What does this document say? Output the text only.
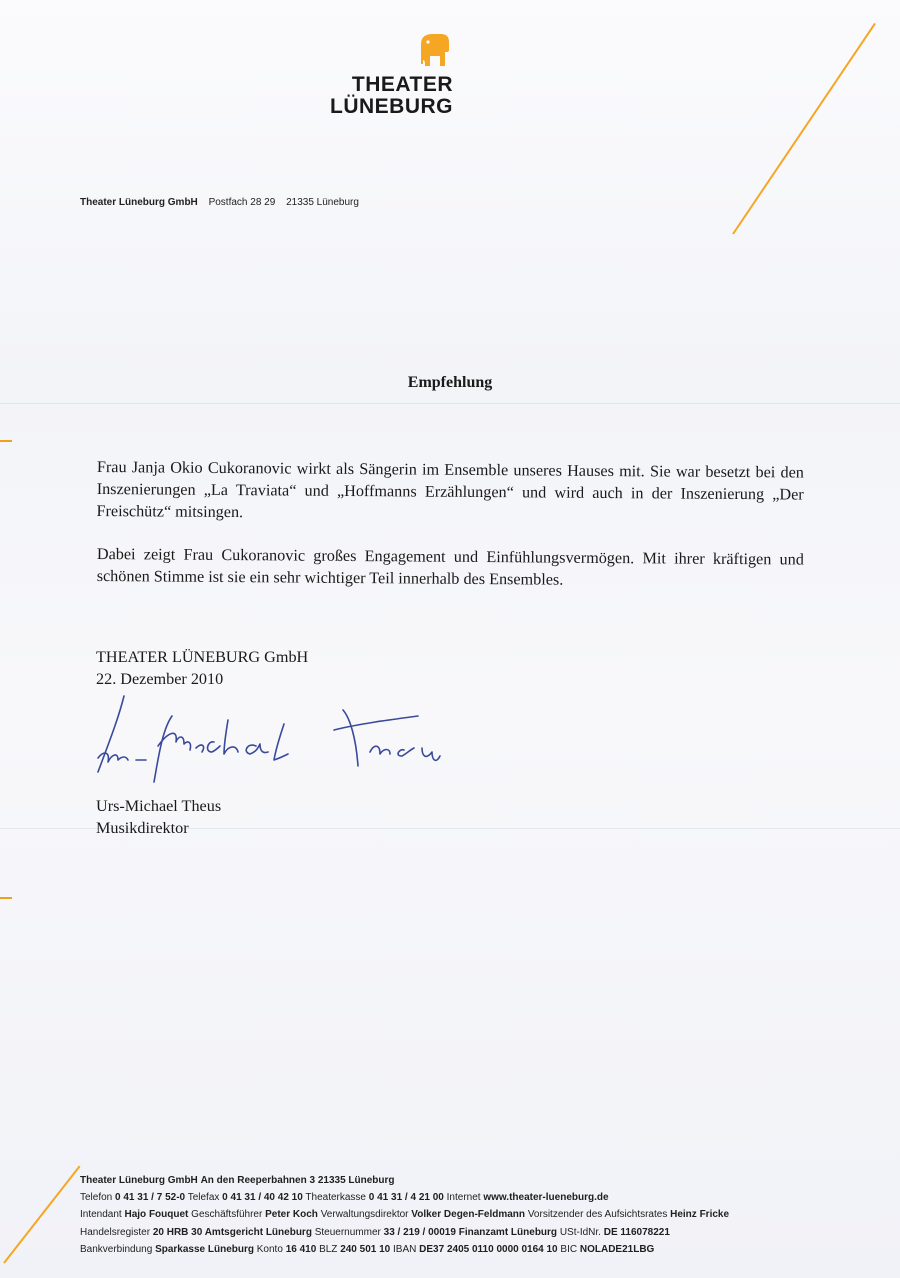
THEATER
LÜNEBURG
Theater Lüneburg GmbH Postfach 28 29 21335 Lüneburg
Empfehlung
Frau Janja Okio Cukoranovic wirkt als Sängerin im Ensemble unseres Hauses mit. Sie war besetzt bei den Inszenierungen „La Traviata“ und „Hoffmanns Erzählungen“ und wird auch in der Inszenierung „Der Freischütz“ mitsingen.
Dabei zeigt Frau Cukoranovic großes Engagement und Einfühlungsvermögen. Mit ihrer kräftigen und schönen Stimme ist sie ein sehr wichtiger Teil innerhalb des Ensembles.
THEATER LÜNEBURG GmbH
22. Dezember 2010
Urs-Michael Theus
Musikdirektor
Theater Lüneburg GmbH An den Reeperbahnen 3 21335 Lüneburg
Telefon 0 41 31 / 7 52-0 Telefax 0 41 31 / 40 42 10 Theaterkasse 0 41 31 / 4 21 00 Internet www.theater-lueneburg.de
Intendant Hajo Fouquet Geschäftsführer Peter Koch Verwaltungsdirektor Volker Degen-Feldmann Vorsitzender des Aufsichtsrates Heinz Fricke
Handelsregister 20 HRB 30 Amtsgericht Lüneburg Steuernummer 33 / 219 / 00019 Finanzamt Lüneburg USt-IdNr. DE 116078221
Bankverbindung Sparkasse Lüneburg Konto 16 410 BLZ 240 501 10 IBAN DE37 2405 0110 0000 0164 10 BIC NOLADE21LBG
